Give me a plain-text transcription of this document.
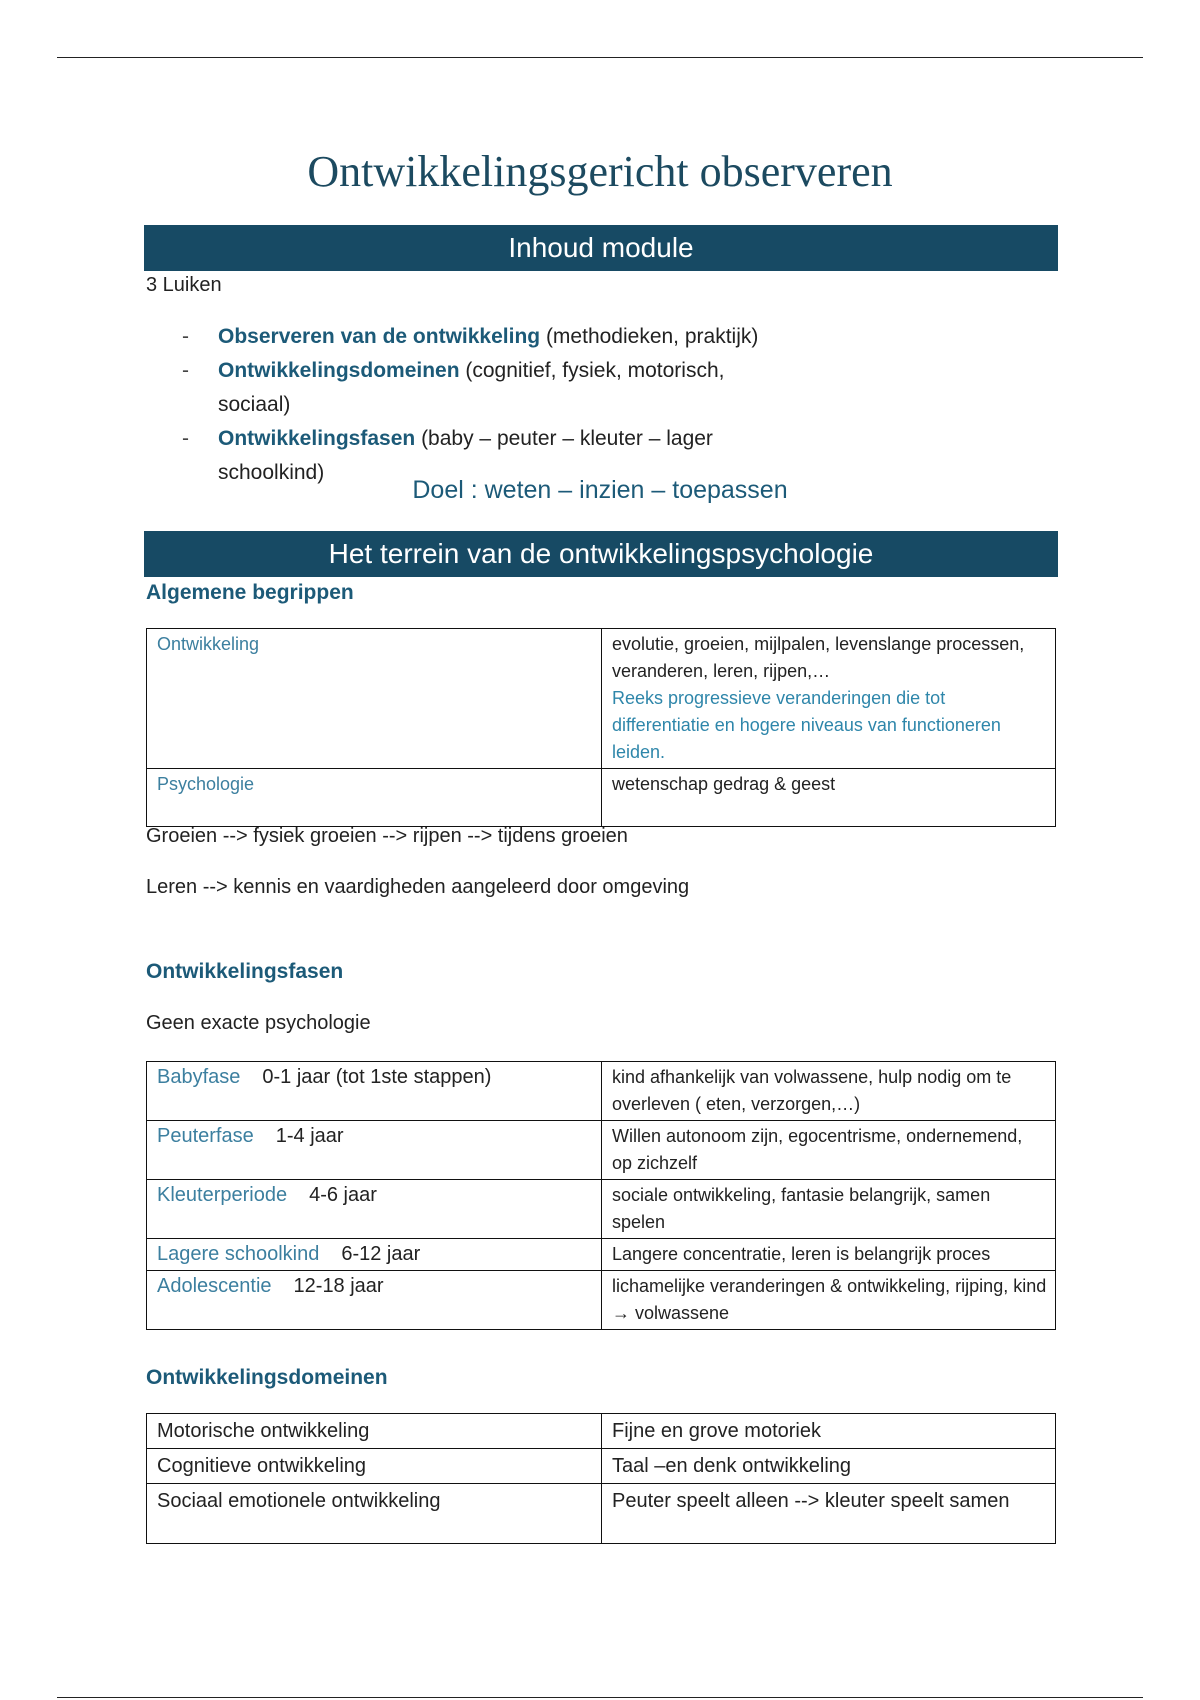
Ontwikkelingsgericht observeren
Inhoud module
3 Luiken
- Observeren van de ontwikkeling (methodieken, praktijk)
- Ontwikkelingsdomeinen (cognitief, fysiek, motorisch, sociaal)
- Ontwikkelingsfasen (baby – peuter – kleuter – lager schoolkind)
Doel : weten – inzien – toepassen
Het terrein van de ontwikkelingspsychologie
Algemene begrippen
Ontwikkeling	evolutie, groeien, mijlpalen, levenslange processen, veranderen, leren, rijpen,…
Reeks progressieve veranderingen die tot differentiatie en hogere niveaus van functioneren leiden.

Psychologie	wetenschap gedrag & geest
Groeien --> fysiek groeien --> rijpen --> tijdens groeien
Leren --> kennis en vaardigheden aangeleerd door omgeving
Ontwikkelingsfasen
Geen exacte psychologie
Babyfase 0-1 jaar (tot 1ste stappen)	kind afhankelijk van volwassene, hulp nodig om te overleven ( eten, verzorgen,…)
Peuterfase 1-4 jaar	Willen autonoom zijn, egocentrisme, ondernemend, op zichzelf
Kleuterperiode 4-6 jaar	sociale ontwikkeling, fantasie belangrijk, samen spelen
Lagere schoolkind 6-12 jaar	Langere concentratie, leren is belangrijk proces
Adolescentie 12-18 jaar	lichamelijke veranderingen & ontwikkeling, rijping, kind → volwassene
Ontwikkelingsdomeinen
Motorische ontwikkeling	Fijne en grove motoriek
Cognitieve ontwikkeling	Taal –en denk ontwikkeling
Sociaal emotionele ontwikkeling	Peuter speelt alleen --> kleuter speelt samen
